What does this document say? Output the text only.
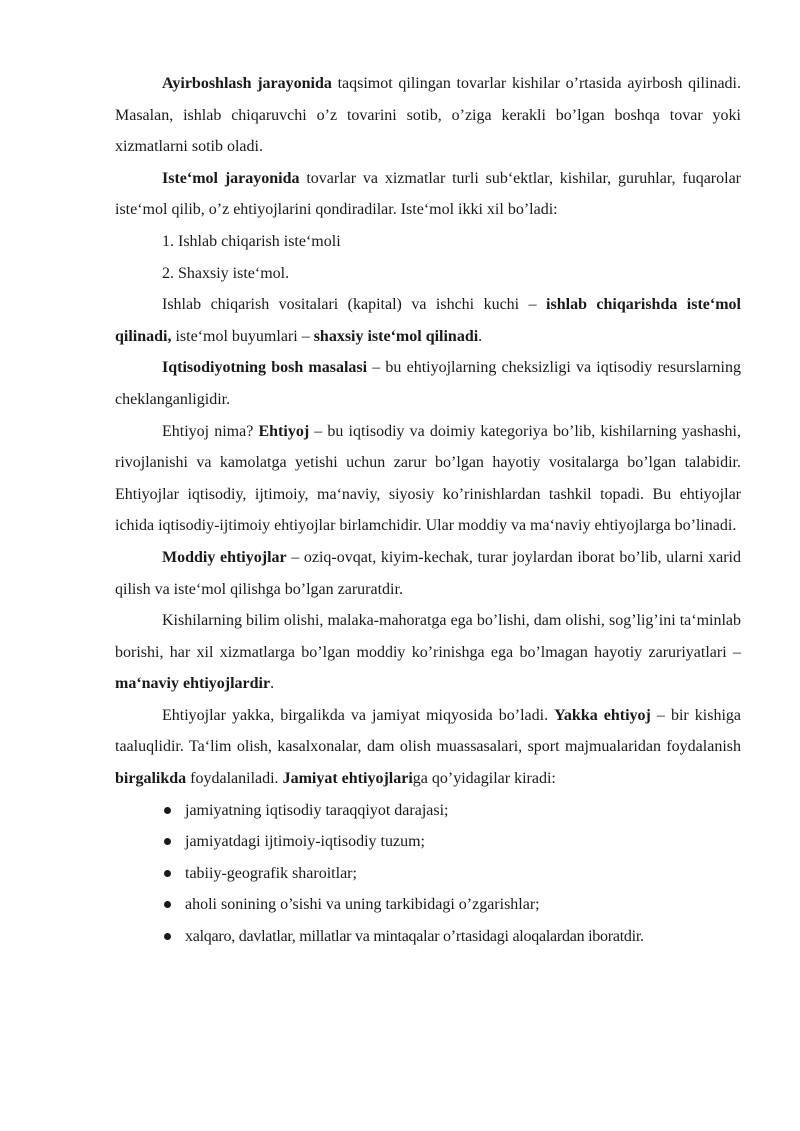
Ayirboshlash jarayonida taqsimot qilingan tovarlar kishilar o’rtasida ayirbosh qilinadi. Masalan, ishlab chiqaruvchi o’z tovarini sotib, o’ziga kerakli bo’lgan boshqa tovar yoki xizmatlarni sotib oladi.

Iste‘mol jarayonida tovarlar va xizmatlar turli sub‘ektlar, kishilar, guruhlar, fuqarolar iste‘mol qilib, o’z ehtiyojlarini qondiradilar. Iste‘mol ikki xil bo’ladi:

1. Ishlab chiqarish iste‘moli

2. Shaxsiy iste‘mol.

Ishlab chiqarish vositalari (kapital) va ishchi kuchi – ishlab chiqarishda iste‘mol qilinadi, iste‘mol buyumlari – shaxsiy iste‘mol qilinadi.

Iqtisodiyotning bosh masalasi – bu ehtiyojlarning cheksizligi va iqtisodiy resurslarning cheklanganligidir.

Ehtiyoj nima? Ehtiyoj – bu iqtisodiy va doimiy kategoriya bo’lib, kishilarning yashashi, rivojlanishi va kamolatga yetishi uchun zarur bo’lgan hayotiy vositalarga bo’lgan talabidir. Ehtiyojlar iqtisodiy, ijtimoiy, ma‘naviy, siyosiy ko’rinishlardan tashkil topadi. Bu ehtiyojlar ichida iqtisodiy-ijtimoiy ehtiyojlar birlamchidir. Ular moddiy va ma‘naviy ehtiyojlarga bo’linadi.

Moddiy ehtiyojlar – oziq-ovqat, kiyim-kechak, turar joylardan iborat bo’lib, ularni xarid qilish va iste‘mol qilishga bo’lgan zaruratdir.

Kishilarning bilim olishi, malaka-mahoratga ega bo’lishi, dam olishi, sog’lig’ini ta‘minlab borishi, har xil xizmatlarga bo’lgan moddiy ko’rinishga ega bo’lmagan hayotiy zaruriyatlari – ma‘naviy ehtiyojlardir.

Ehtiyojlar yakka, birgalikda va jamiyat miqyosida bo’ladi. Yakka ehtiyoj – bir kishiga taaluqlidir. Ta‘lim olish, kasalxonalar, dam olish muassasalari, sport majmualaridan foydalanish birgalikda foydalaniladi. Jamiyat ehtiyojlariga qo’yidagilar kiradi:

jamiyatning iqtisodiy taraqqiyot darajasi;
jamiyatdagi ijtimoiy-iqtisodiy tuzum;
tabiiy-geografik sharoitlar;
aholi sonining o’sishi va uning tarkibidagi o’zgarishlar;
xalqaro, davlatlar, millatlar va mintaqalar o’rtasidagi aloqalardan iboratdir.
